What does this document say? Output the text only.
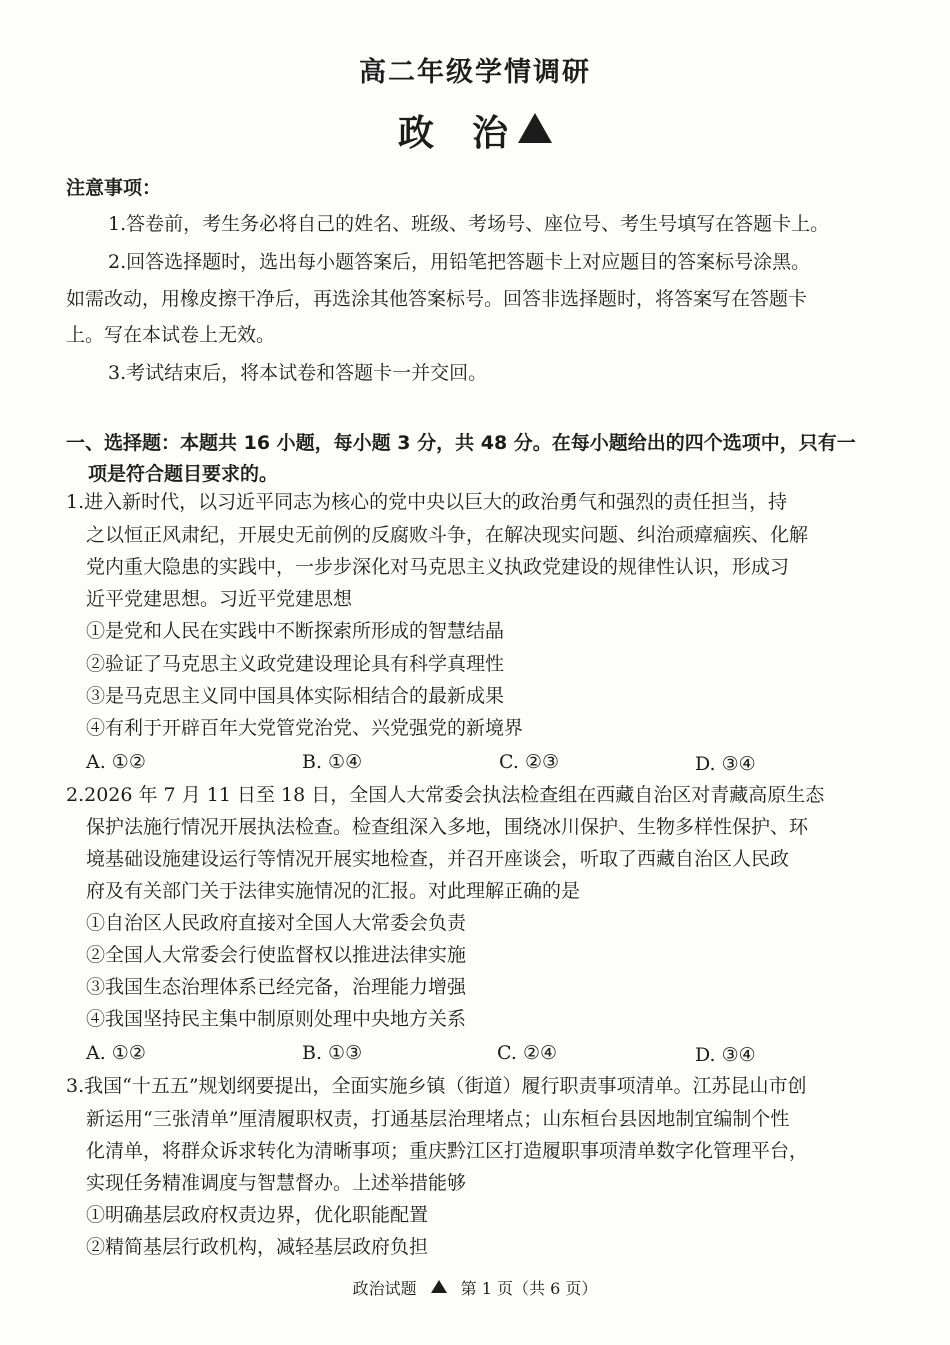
高二年级学情调研
政 治
注意事项：
1.答卷前，考生务必将自己的姓名、班级、考场号、座位号、考生号填写在答题卡上。
2.回答选择题时，选出每小题答案后，用铅笔把答题卡上对应题目的答案标号涂黑。
如需改动，用橡皮擦干净后，再选涂其他答案标号。回答非选择题时，将答案写在答题卡
上。写在本试卷上无效。
3.考试结束后，将本试卷和答题卡一并交回。
一、选择题：本题共 16 小题，每小题 3 分，共 48 分。在每小题给出的四个选项中，只有一
项是符合题目要求的。
1.进入新时代，以习近平同志为核心的党中央以巨大的政治勇气和强烈的责任担当，持
之以恒正风肃纪，开展史无前例的反腐败斗争，在解决现实问题、纠治顽瘴痼疾、化解
党内重大隐患的实践中，一步步深化对马克思主义执政党建设的规律性认识，形成习
近平党建思想。习近平党建思想
①是党和人民在实践中不断探索所形成的智慧结晶
②验证了马克思主义政党建设理论具有科学真理性
③是马克思主义同中国具体实际相结合的最新成果
④有利于开辟百年大党管党治党、兴党强党的新境界
A. ①②	B. ①④	C. ②③	D. ③④
2.2026 年 7 月 11 日至 18 日，全国人大常委会执法检查组在西藏自治区对青藏高原生态
保护法施行情况开展执法检查。检查组深入多地，围绕冰川保护、生物多样性保护、环
境基础设施建设运行等情况开展实地检查，并召开座谈会，听取了西藏自治区人民政
府及有关部门关于法律实施情况的汇报。对此理解正确的是
①自治区人民政府直接对全国人大常委会负责
②全国人大常委会行使监督权以推进法律实施
③我国生态治理体系已经完备，治理能力增强
④我国坚持民主集中制原则处理中央地方关系
A. ①②	B. ①③	C. ②④	D. ③④
3.我国“十五五”规划纲要提出，全面实施乡镇（街道）履行职责事项清单。江苏昆山市创
新运用“三张清单”厘清履职权责，打通基层治理堵点；山东桓台县因地制宜编制个性
化清单，将群众诉求转化为清晰事项；重庆黔江区打造履职事项清单数字化管理平台，
实现任务精准调度与智慧督办。上述举措能够
①明确基层政府权责边界，优化职能配置
②精简基层行政机构，减轻基层政府负担
政治试题	第 1 页（共 6 页）
